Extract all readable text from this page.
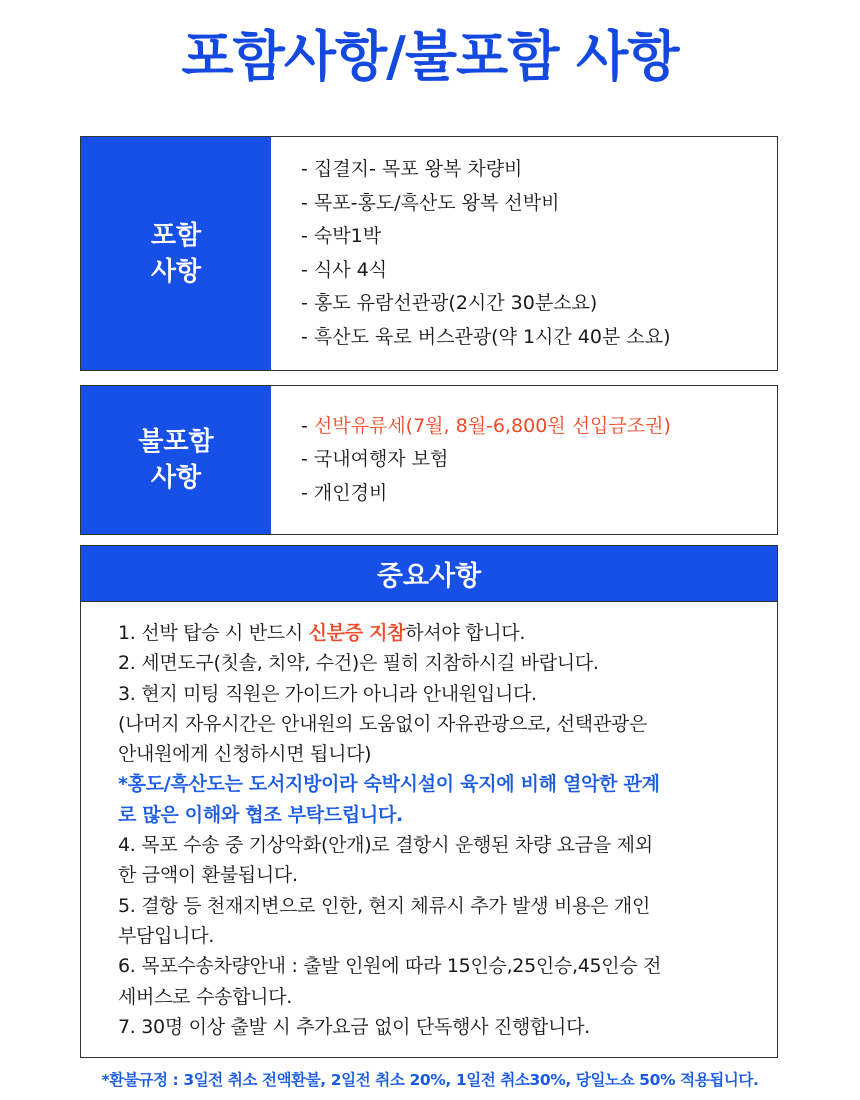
포함사항/불포함 사항
포함
사항
- 집결지- 목포 왕복 차량비
- 목포-홍도/흑산도 왕복 선박비
- 숙박1박
- 식사 4식
- 홍도 유람선관광(2시간 30분소요)
- 흑산도 육로 버스관광(약 1시간 40분 소요)
불포함
사항
- 선박유류세(7월, 8월-6,800원 선입금조권)
- 국내여행자 보험
- 개인경비
중요사항
1. 선박 탑승 시 반드시 신분증 지참하셔야 합니다.
2. 세면도구(칫솔, 치약, 수건)은 필히 지참하시길 바랍니다.
3. 현지 미팅 직원은 가이드가 아니라 안내원입니다.
(나머지 자유시간은 안내원의 도움없이 자유관광으로, 선택관광은
안내원에게 신청하시면 됩니다)
*홍도/흑산도는 도서지방이라 숙박시설이 육지에 비해 열악한 관계
로 많은 이해와 협조 부탁드립니다.
4. 목포 수송 중 기상악화(안개)로 결항시 운행된 차량 요금을 제외
한 금액이 환불됩니다.
5. 결항 등 천재지변으로 인한, 현지 체류시 추가 발생 비용은 개인
부담입니다.
6. 목포수송차량안내 : 출발 인원에 따라 15인승,25인승,45인승 전
세버스로 수송합니다.
7. 30명 이상 출발 시 추가요금 없이 단독행사 진행합니다.
*환불규정 : 3일전 취소 전액환불, 2일전 취소 20%, 1일전 취소30%, 당일노쇼 50% 적용됩니다.
